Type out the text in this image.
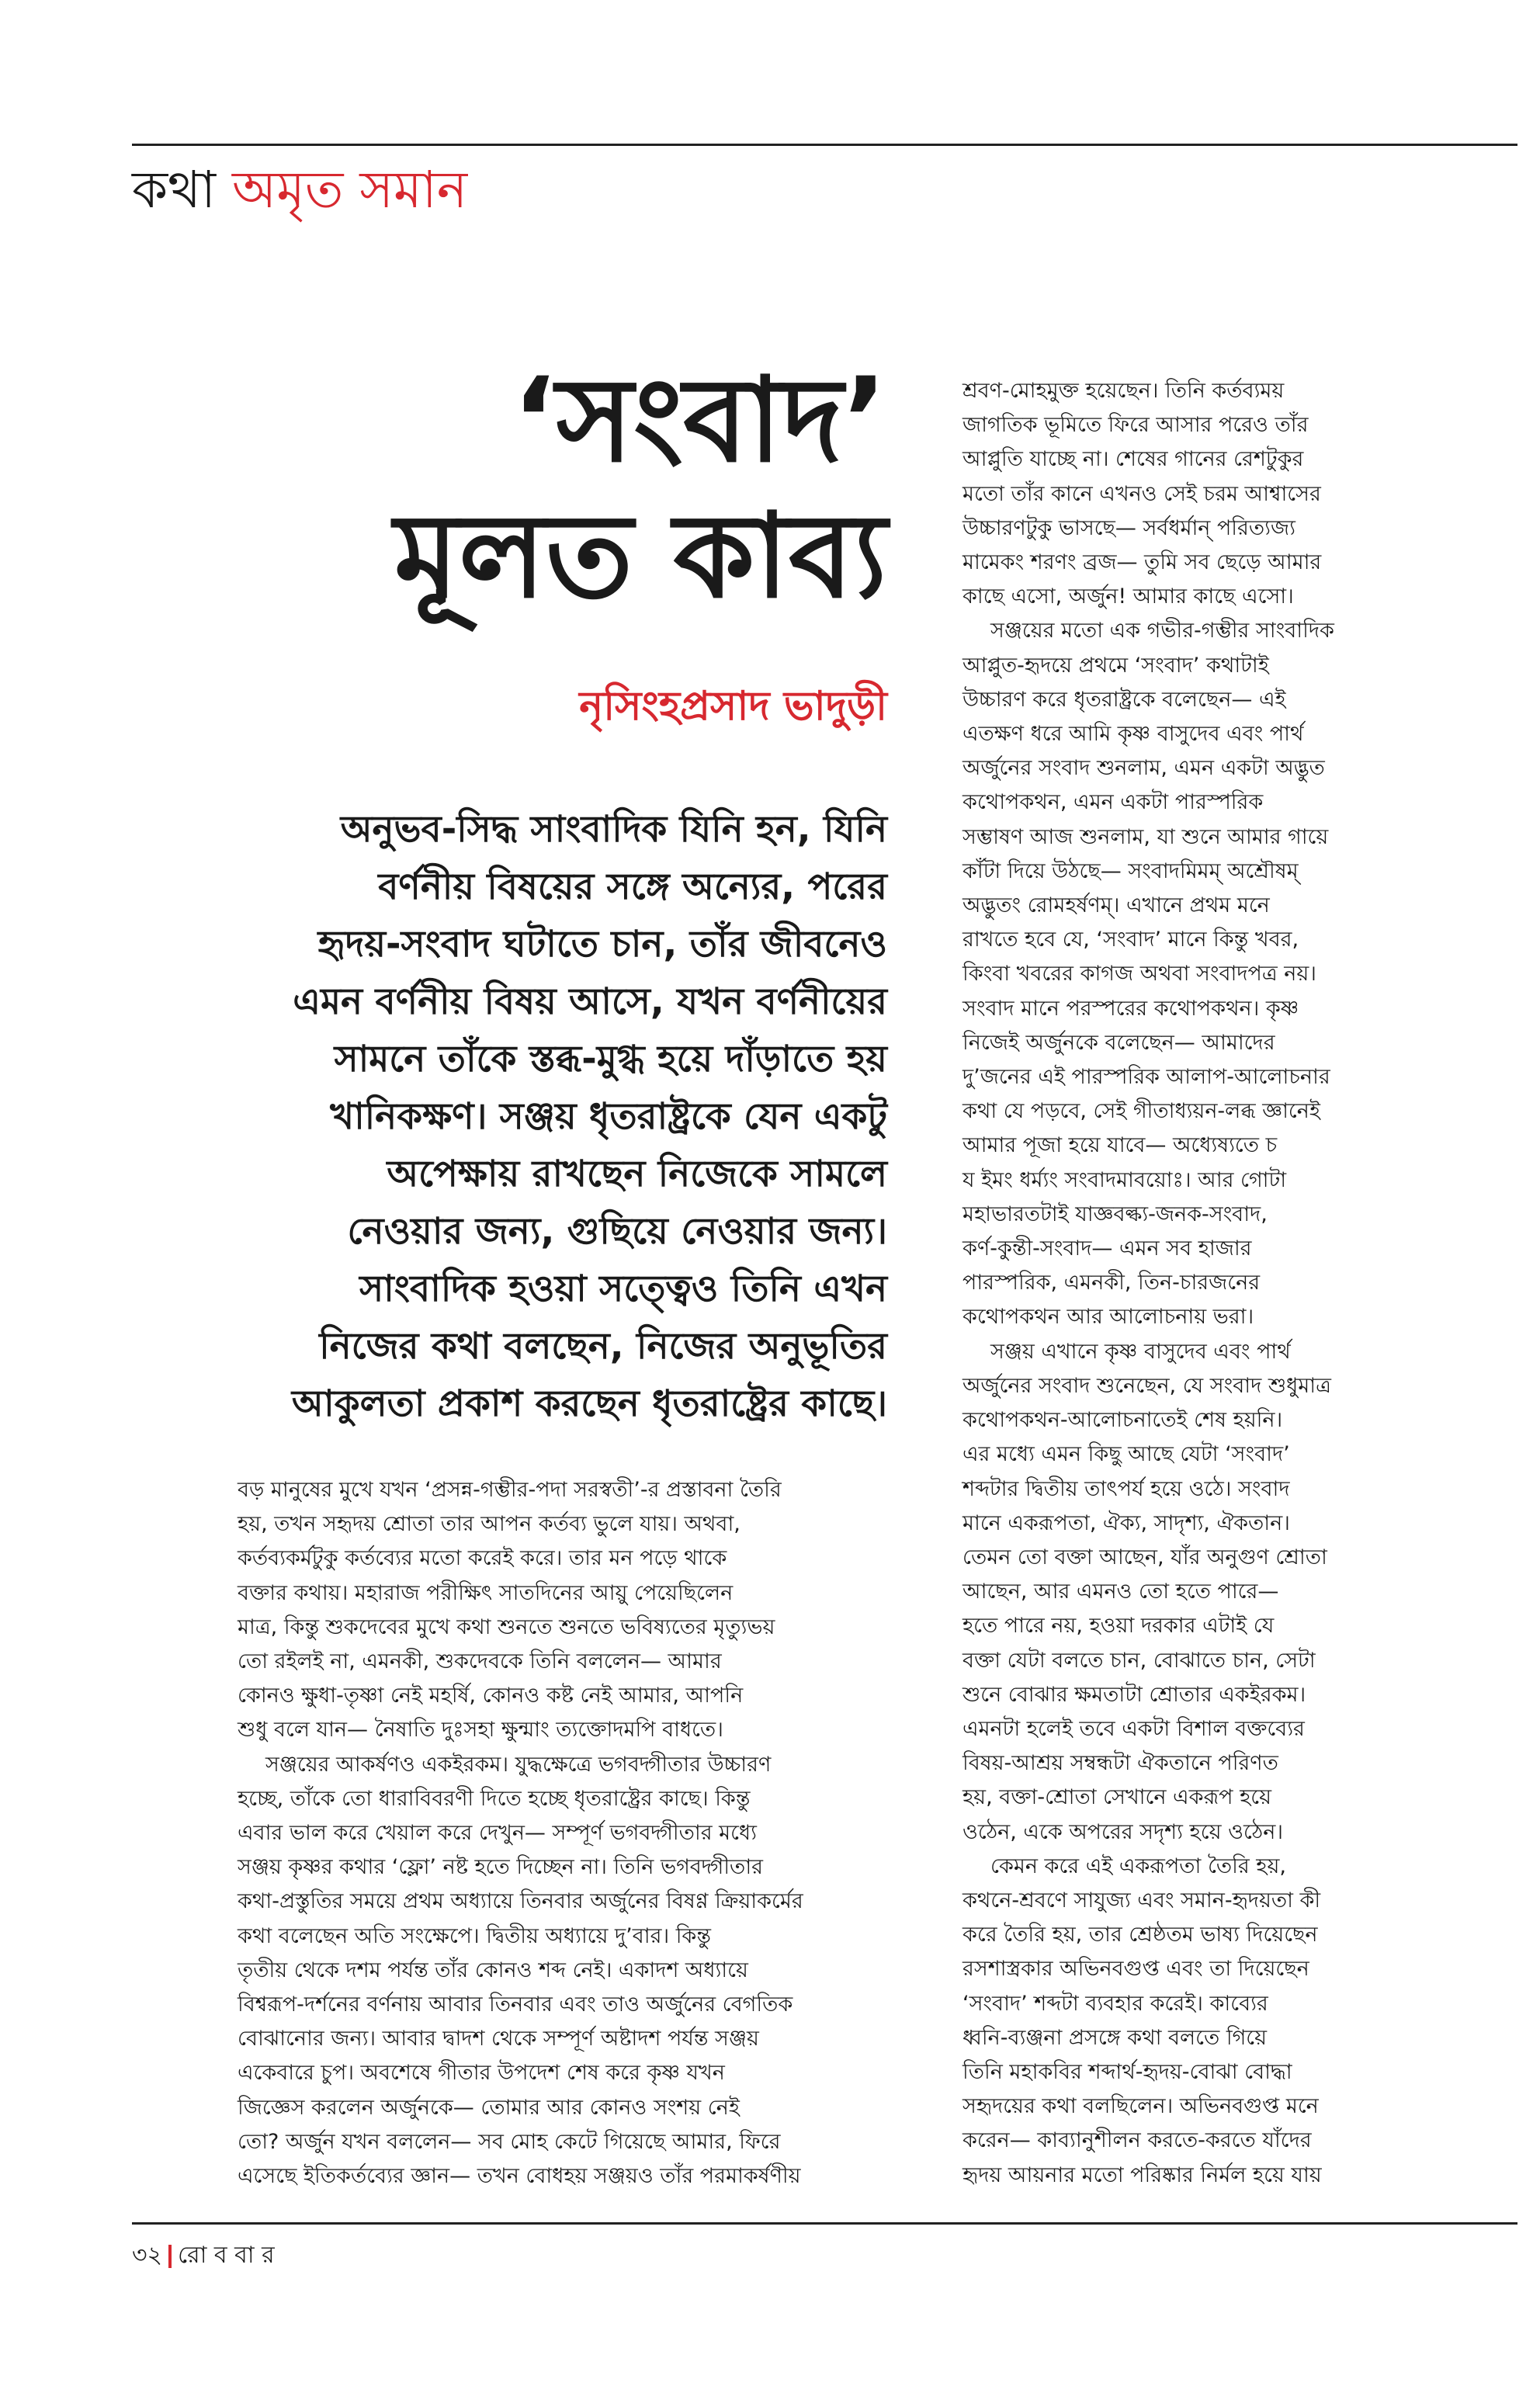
কথা অমৃত সমান
‘সংবাদ’
মূলত কাব্য
নৃসিংহপ্রসাদ ভাদুড়ী
অনুভব-সিদ্ধ সাংবাদিক যিনি হন, যিনি
বর্ণনীয় বিষয়ের সঙ্গে অন্যের, পরের
হৃদয়-সংবাদ ঘটাতে চান, তাঁর জীবনেও
এমন বর্ণনীয় বিষয় আসে, যখন বর্ণনীয়ের
সামনে তাঁকে স্তব্ধ-মুগ্ধ হয়ে দাঁড়াতে হয়
খানিকক্ষণ। সঞ্জয় ধৃতরাষ্ট্রকে যেন একটু
অপেক্ষায় রাখছেন নিজেকে সামলে
নেওয়ার জন্য, গুছিয়ে নেওয়ার জন্য।
সাংবাদিক হওয়া সত্ত্বেও তিনি এখন
নিজের কথা বলছেন, নিজের অনুভূতির
আকুলতা প্রকাশ করছেন ধৃতরাষ্ট্রের কাছে।
বড় মানুষের মুখে যখন ‘প্রসন্ন-গম্ভীর-পদা সরস্বতী’-র প্রস্তাবনা তৈরি
হয়, তখন সহৃদয় শ্রোতা তার আপন কর্তব্য ভুলে যায়। অথবা,
কর্তব্যকর্মটুকু কর্তব্যের মতো করেই করে। তার মন পড়ে থাকে
বক্তার কথায়। মহারাজ পরীক্ষিৎ সাতদিনের আয়ু পেয়েছিলেন
মাত্র, কিন্তু শুকদেবের মুখে কথা শুনতে শুনতে ভবিষ্যতের মৃত্যুভয়
তো রইলই না, এমনকী, শুকদেবকে তিনি বললেন— আমার
কোনও ক্ষুধা-তৃষ্ণা নেই মহর্ষি, কোনও কষ্ট নেই আমার, আপনি
শুধু বলে যান— নৈষাতি দুঃসহা ক্ষুন্মাং ত্যক্তোদমপি বাধতে।
সঞ্জয়ের আকর্ষণও একইরকম। যুদ্ধক্ষেত্রে ভগবদ্গীতার উচ্চারণ
হচ্ছে, তাঁকে তো ধারাবিবরণী দিতে হচ্ছে ধৃতরাষ্ট্রের কাছে। কিন্তু
এবার ভাল করে খেয়াল করে দেখুন— সম্পূর্ণ ভগবদ্গীতার মধ্যে
সঞ্জয় কৃষ্ণর কথার ‘ফ্লো’ নষ্ট হতে দিচ্ছেন না। তিনি ভগবদ্গীতার
কথা-প্রস্তুতির সময়ে প্রথম অধ্যায়ে তিনবার অর্জুনের বিষণ্ণ ক্রিয়াকর্মের
কথা বলেছেন অতি সংক্ষেপে। দ্বিতীয় অধ্যায়ে দু’বার। কিন্তু
তৃতীয় থেকে দশম পর্যন্ত তাঁর কোনও শব্দ নেই। একাদশ অধ্যায়ে
বিশ্বরূপ-দর্শনের বর্ণনায় আবার তিনবার এবং তাও অর্জুনের বেগতিক
বোঝানোর জন্য। আবার দ্বাদশ থেকে সম্পূর্ণ অষ্টাদশ পর্যন্ত সঞ্জয়
একেবারে চুপ। অবশেষে গীতার উপদেশ শেষ করে কৃষ্ণ যখন
জিজ্ঞেস করলেন অর্জুনকে— তোমার আর কোনও সংশয় নেই
তো? অর্জুন যখন বললেন— সব মোহ কেটে গিয়েছে আমার, ফিরে
এসেছে ইতিকর্তব্যের জ্ঞান— তখন বোধহয় সঞ্জয়ও তাঁর পরমাকর্ষণীয়
শ্রবণ-মোহমুক্ত হয়েছেন। তিনি কর্তব্যময়
জাগতিক ভূমিতে ফিরে আসার পরেও তাঁর
আপ্লুতি যাচ্ছে না। শেষের গানের রেশটুকুর
মতো তাঁর কানে এখনও সেই চরম আশ্বাসের
উচ্চারণটুকু ভাসছে— সর্বধর্মান্ পরিত্যজ্য
মামেকং শরণং ব্রজ— তুমি সব ছেড়ে আমার
কাছে এসো, অর্জুন! আমার কাছে এসো।
সঞ্জয়ের মতো এক গভীর-গম্ভীর সাংবাদিক
আপ্লুত-হৃদয়ে প্রথমে ‘সংবাদ’ কথাটাই
উচ্চারণ করে ধৃতরাষ্ট্রকে বলেছেন— এই
এতক্ষণ ধরে আমি কৃষ্ণ বাসুদেব এবং পার্থ
অর্জুনের সংবাদ শুনলাম, এমন একটা অদ্ভুত
কথোপকথন, এমন একটা পারস্পরিক
সম্ভাষণ আজ শুনলাম, যা শুনে আমার গায়ে
কাঁটা দিয়ে উঠছে— সংবাদমিমম্ অশ্রৌষম্
অদ্ভুতং রোমহর্ষণম্। এখানে প্রথম মনে
রাখতে হবে যে, ‘সংবাদ’ মানে কিন্তু খবর,
কিংবা খবরের কাগজ অথবা সংবাদপত্র নয়।
সংবাদ মানে পরস্পরের কথোপকথন। কৃষ্ণ
নিজেই অর্জুনকে বলেছেন— আমাদের
দু’জনের এই পারস্পরিক আলাপ-আলোচনার
কথা যে পড়বে, সেই গীতাধ্যয়ন-লব্ধ জ্ঞানেই
আমার পূজা হয়ে যাবে— অধ্যেষ্যতে চ
য ইমং ধর্ম্যং সংবাদমাবয়োঃ। আর গোটা
মহাভারতটাই যাজ্ঞবল্ক্য-জনক-সংবাদ,
কর্ণ-কুন্তী-সংবাদ— এমন সব হাজার
পারস্পরিক, এমনকী, তিন-চারজনের
কথোপকথন আর আলোচনায় ভরা।
সঞ্জয় এখানে কৃষ্ণ বাসুদেব এবং পার্থ
অর্জুনের সংবাদ শুনেছেন, যে সংবাদ শুধুমাত্র
কথোপকথন-আলোচনাতেই শেষ হয়নি।
এর মধ্যে এমন কিছু আছে যেটা ‘সংবাদ’
শব্দটার দ্বিতীয় তাৎপর্য হয়ে ওঠে। সংবাদ
মানে একরূপতা, ঐক্য, সাদৃশ্য, ঐকতান।
তেমন তো বক্তা আছেন, যাঁর অনুগুণ শ্রোতা
আছেন, আর এমনও তো হতে পারে—
হতে পারে নয়, হওয়া দরকার এটাই যে
বক্তা যেটা বলতে চান, বোঝাতে চান, সেটা
শুনে বোঝার ক্ষমতাটা শ্রোতার একইরকম।
এমনটা হলেই তবে একটা বিশাল বক্তব্যের
বিষয়-আশ্রয় সম্বন্ধটা ঐকতানে পরিণত
হয়, বক্তা-শ্রোতা সেখানে একরূপ হয়ে
ওঠেন, একে অপরের সদৃশ্য হয়ে ওঠেন।
কেমন করে এই একরূপতা তৈরি হয়,
কথনে-শ্রবণে সাযুজ্য এবং সমান-হৃদয়তা কী
করে তৈরি হয়, তার শ্রেষ্ঠতম ভাষ্য দিয়েছেন
রসশাস্ত্রকার অভিনবগুপ্ত এবং তা দিয়েছেন
‘সংবাদ’ শব্দটা ব্যবহার করেই। কাব্যের
ধ্বনি-ব্যঞ্জনা প্রসঙ্গে কথা বলতে গিয়ে
তিনি মহাকবির শব্দার্থ-হৃদয়-বোঝা বোদ্ধা
সহৃদয়ের কথা বলছিলেন। অভিনবগুপ্ত মনে
করেন— কাব্যানুশীলন করতে-করতে যাঁদের
হৃদয় আয়নার মতো পরিষ্কার নির্মল হয়ে যায়
৩২ রো ব বা র
